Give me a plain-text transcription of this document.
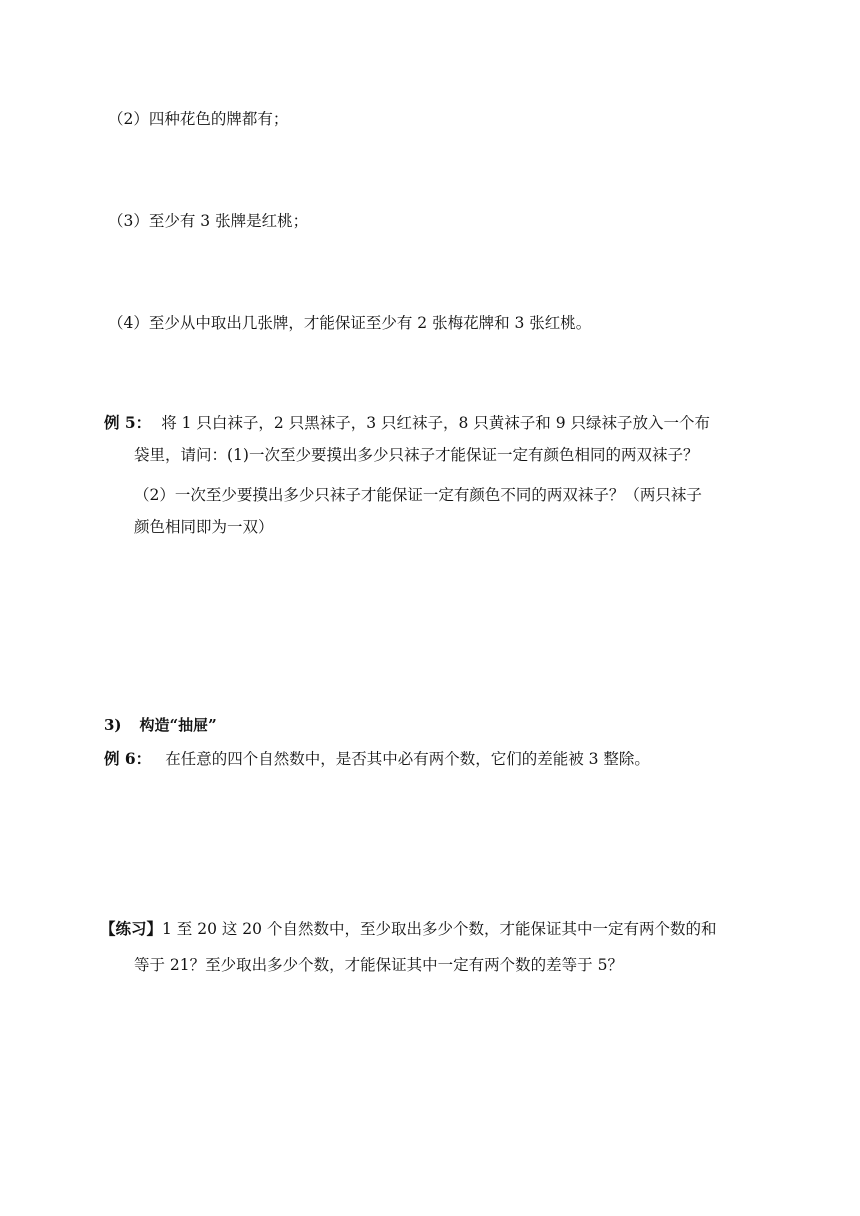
（2）四种花色的牌都有；
（3）至少有 3 张牌是红桃；
（4）至少从中取出几张牌，才能保证至少有 2 张梅花牌和 3 张红桃。
例 5： 将 1 只白袜子，2 只黑袜子，3 只红袜子，8 只黄袜子和 9 只绿袜子放入一个布
袋里，请问：(1)一次至少要摸出多少只袜子才能保证一定有颜色相同的两双袜子？
（2）一次至少要摸出多少只袜子才能保证一定有颜色不同的两双袜子？（两只袜子
颜色相同即为一双）
3) 构造“抽屉”
例 6： 在任意的四个自然数中，是否其中必有两个数，它们的差能被 3 整除。
【练习】1 至 20 这 20 个自然数中，至少取出多少个数，才能保证其中一定有两个数的和
等于 21？至少取出多少个数，才能保证其中一定有两个数的差等于 5？
